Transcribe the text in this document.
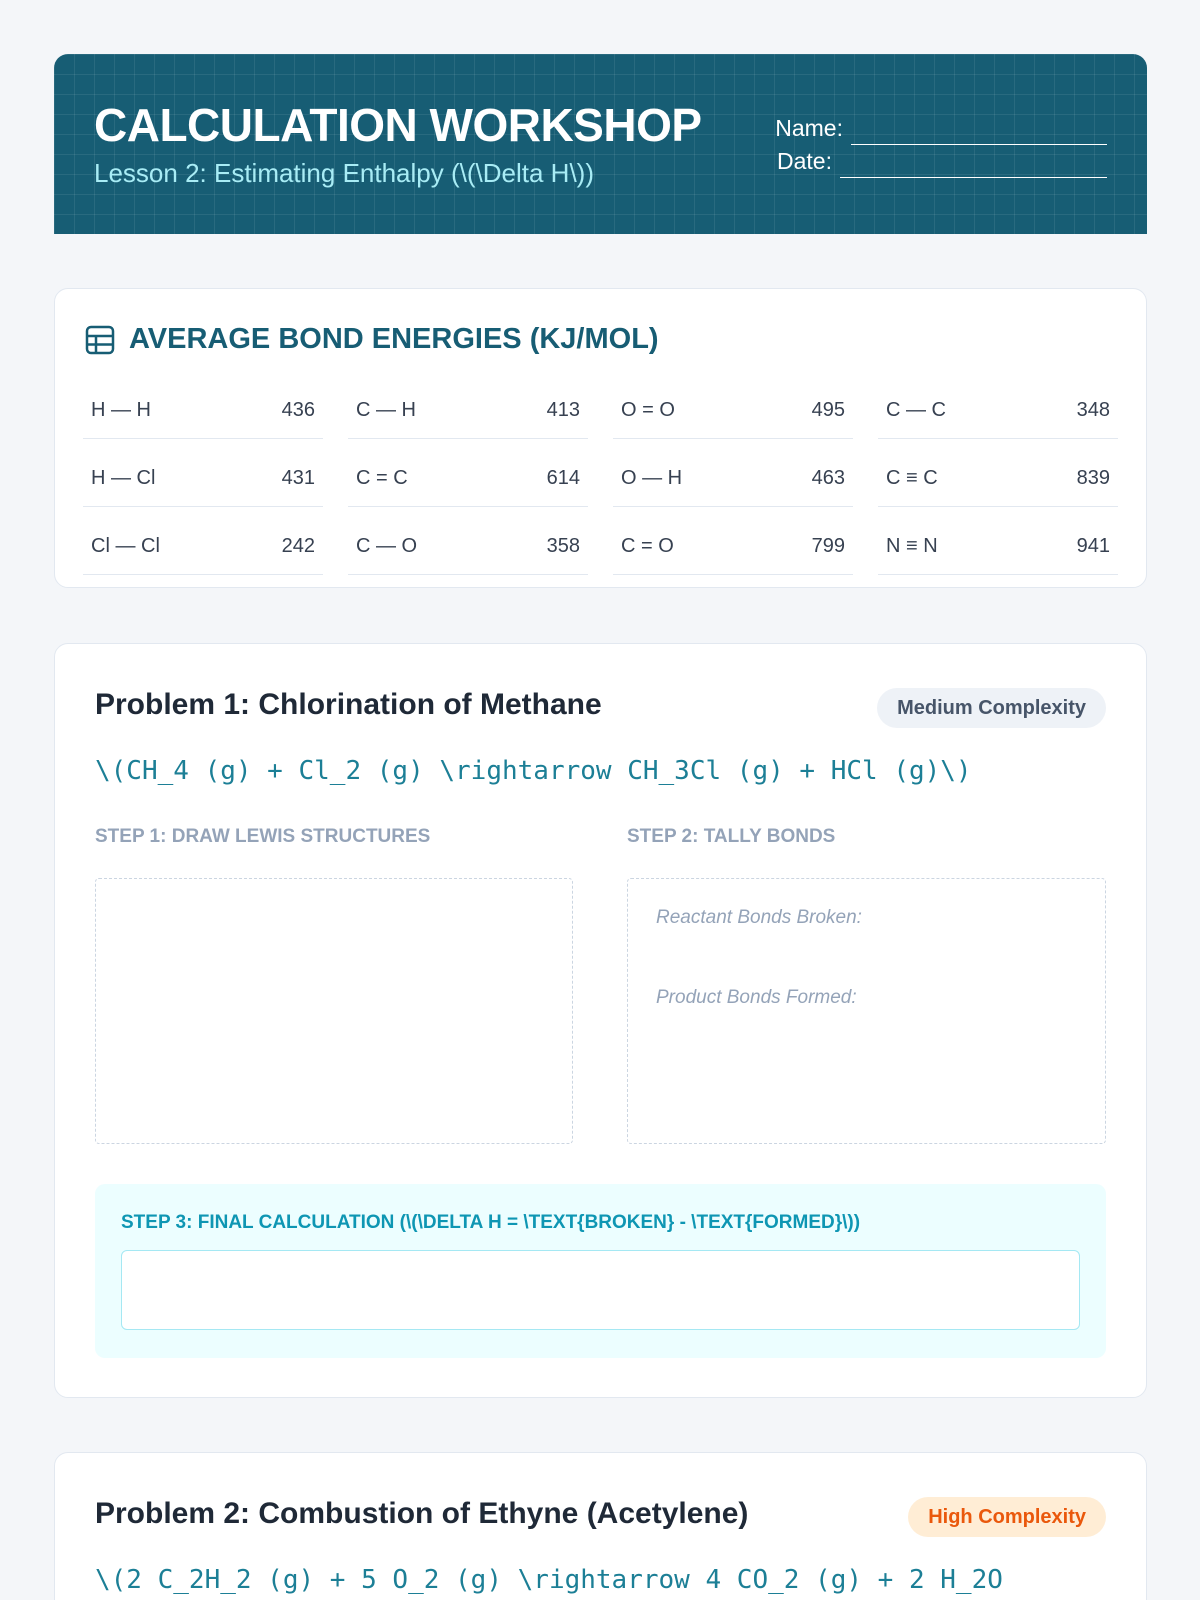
CALCULATION WORKSHOP
Lesson 2: Estimating Enthalpy (\(\Delta H\))
Name:
Date:
AVERAGE BOND ENERGIES (KJ/MOL)
H — H	436 C — H	413 O = O	495 C — C	348
H — Cl	431 C = C	614 O — H	463 C ≡ C	839
Cl — Cl	242 C — O	358 C = O	799 N ≡ N	941
Problem 1: Chlorination of Methane	Medium Complexity
\(CH_4 (g) + Cl_2 (g) \rightarrow CH_3Cl (g) + HCl (g)\)
STEP 1: DRAW LEWIS STRUCTURES	STEP 2: TALLY BONDS
Reactant Bonds Broken:
Product Bonds Formed:
STEP 3: FINAL CALCULATION (\(\DELTA H = \TEXT{BROKEN} - \TEXT{FORMED}\))
Problem 2: Combustion of Ethyne (Acetylene)	High Complexity
\(2 C_2H_2 (g) + 5 O_2 (g) \rightarrow 4 CO_2 (g) + 2 H_2O
